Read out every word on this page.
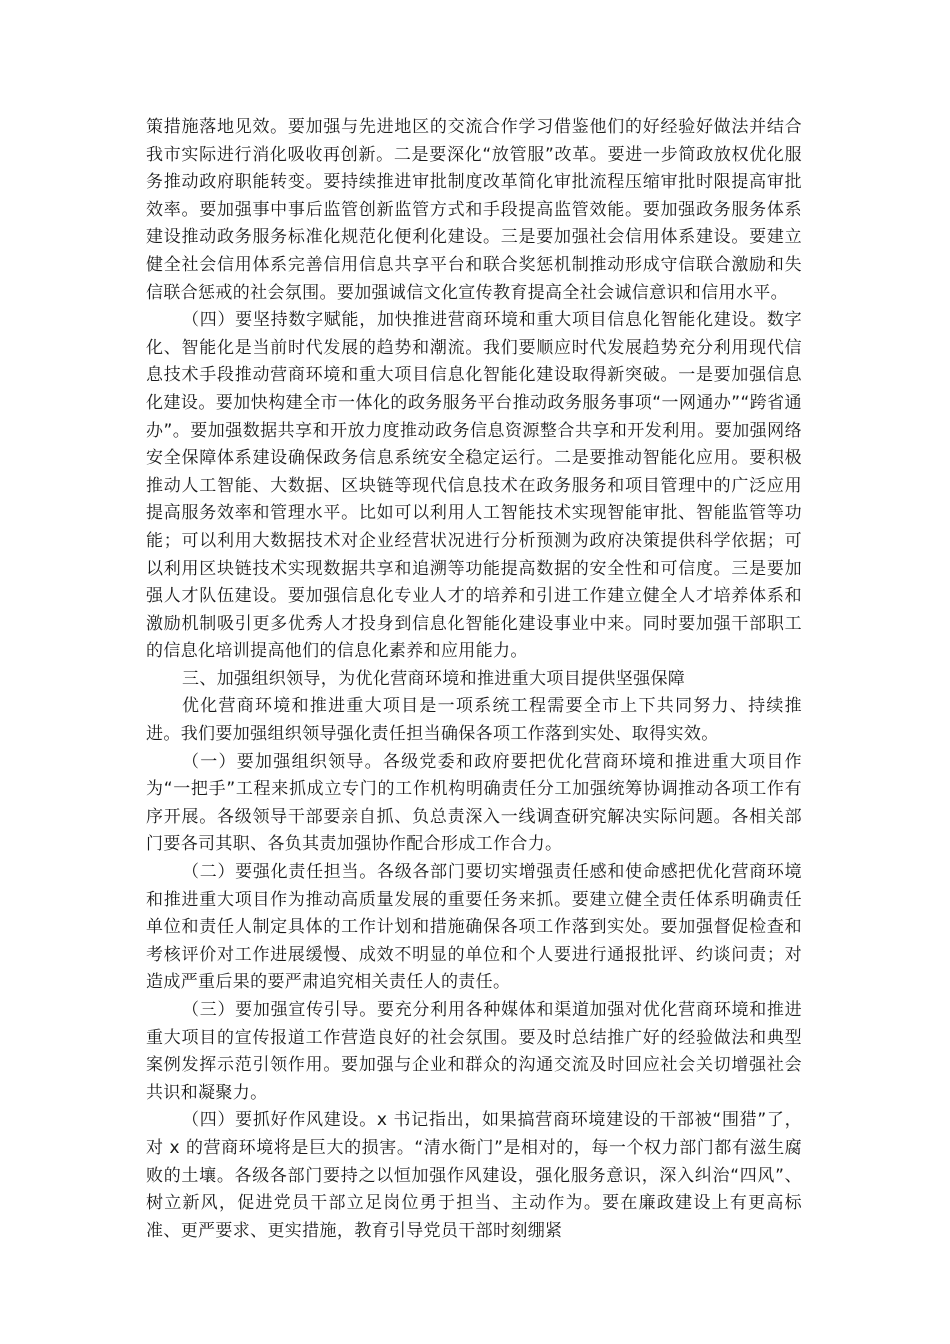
策措施落地见效。要加强与先进地区的交流合作学习借鉴他们的好经验好做法并结合我市实际进行消化吸收再创新。二是要深化“放管服”改革。要进一步简政放权优化服务推动政府职能转变。要持续推进审批制度改革简化审批流程压缩审批时限提高审批效率。要加强事中事后监管创新监管方式和手段提高监管效能。要加强政务服务体系建设推动政务服务标准化规范化便利化建设。三是要加强社会信用体系建设。要建立健全社会信用体系完善信用信息共享平台和联合奖惩机制推动形成守信联合激励和失信联合惩戒的社会氛围。要加强诚信文化宣传教育提高全社会诚信意识和信用水平。

（四）要坚持数字赋能，加快推进营商环境和重大项目信息化智能化建设。数字化、智能化是当前时代发展的趋势和潮流。我们要顺应时代发展趋势充分利用现代信息技术手段推动营商环境和重大项目信息化智能化建设取得新突破。一是要加强信息化建设。要加快构建全市一体化的政务服务平台推动政务服务事项“一网通办”“跨省通办”。要加强数据共享和开放力度推动政务信息资源整合共享和开发利用。要加强网络安全保障体系建设确保政务信息系统安全稳定运行。二是要推动智能化应用。要积极推动人工智能、大数据、区块链等现代信息技术在政务服务和项目管理中的广泛应用提高服务效率和管理水平。比如可以利用人工智能技术实现智能审批、智能监管等功能；可以利用大数据技术对企业经营状况进行分析预测为政府决策提供科学依据；可以利用区块链技术实现数据共享和追溯等功能提高数据的安全性和可信度。三是要加强人才队伍建设。要加强信息化专业人才的培养和引进工作建立健全人才培养体系和激励机制吸引更多优秀人才投身到信息化智能化建设事业中来。同时要加强干部职工的信息化培训提高他们的信息化素养和应用能力。

三、加强组织领导，为优化营商环境和推进重大项目提供坚强保障

优化营商环境和推进重大项目是一项系统工程需要全市上下共同努力、持续推进。我们要加强组织领导强化责任担当确保各项工作落到实处、取得实效。

（一）要加强组织领导。各级党委和政府要把优化营商环境和推进重大项目作为“一把手”工程来抓成立专门的工作机构明确责任分工加强统筹协调推动各项工作有序开展。各级领导干部要亲自抓、负总责深入一线调查研究解决实际问题。各相关部门要各司其职、各负其责加强协作配合形成工作合力。

（二）要强化责任担当。各级各部门要切实增强责任感和使命感把优化营商环境和推进重大项目作为推动高质量发展的重要任务来抓。要建立健全责任体系明确责任单位和责任人制定具体的工作计划和措施确保各项工作落到实处。要加强督促检查和考核评价对工作进展缓慢、成效不明显的单位和个人要进行通报批评、约谈问责；对造成严重后果的要严肃追究相关责任人的责任。

（三）要加强宣传引导。要充分利用各种媒体和渠道加强对优化营商环境和推进重大项目的宣传报道工作营造良好的社会氛围。要及时总结推广好的经验做法和典型案例发挥示范引领作用。要加强与企业和群众的沟通交流及时回应社会关切增强社会共识和凝聚力。

（四）要抓好作风建设。x 书记指出，如果搞营商环境建设的干部被“围猎”了，对 x 的营商环境将是巨大的损害。“清水衙门”是相对的，每一个权力部门都有滋生腐败的土壤。各级各部门要持之以恒加强作风建设，强化服务意识，深入纠治“四风”、树立新风，促进党员干部立足岗位勇于担当、主动作为。要在廉政建设上有更高标准、更严要求、更实措施，教育引导党员干部时刻绷紧
